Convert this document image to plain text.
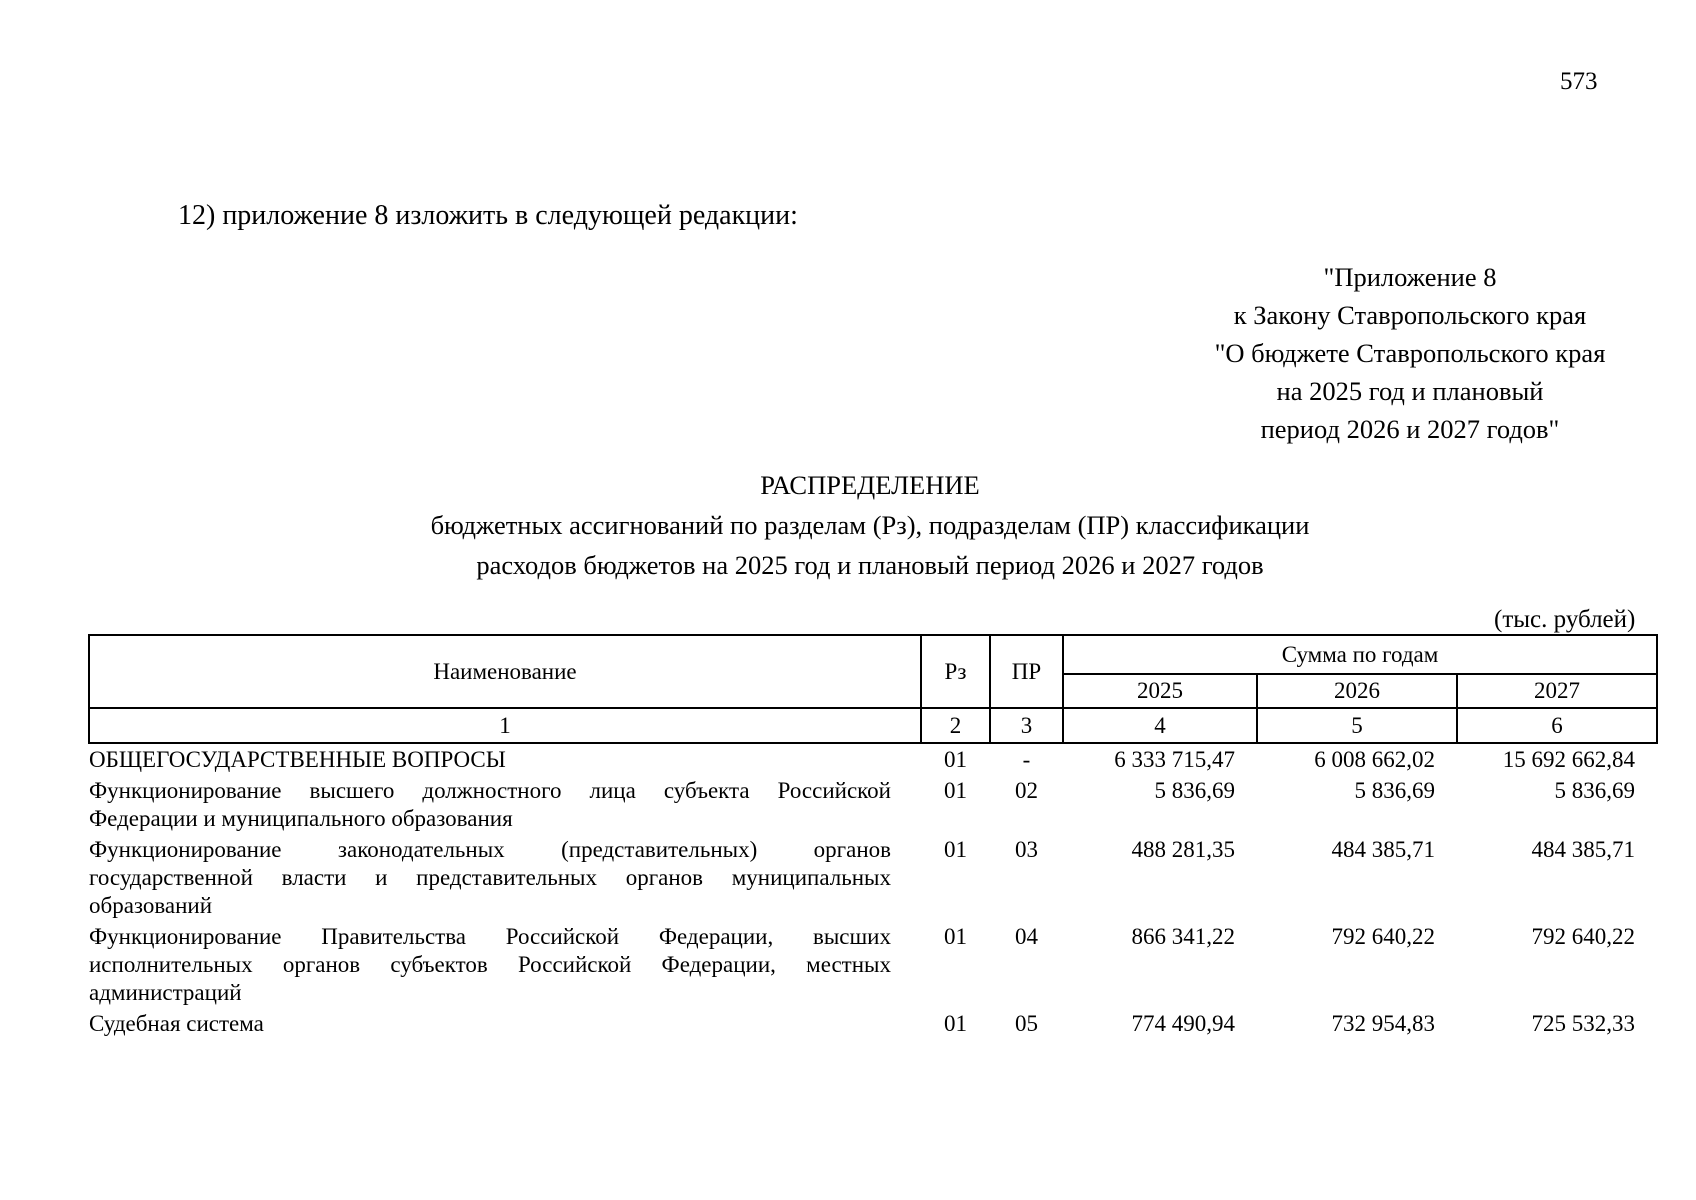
573
12) приложение 8 изложить в следующей редакции:
"Приложение 8
к Закону Ставропольского края
"О бюджете Ставропольского края
на 2025 год и плановый
период 2026 и 2027 годов"
РАСПРЕДЕЛЕНИЕ
бюджетных ассигнований по разделам (Рз), подразделам (ПР) классификации
расходов бюджетов на 2025 год и плановый период 2026 и 2027 годов
(тыс. рублей)
Наименование	Рз	ПР	Сумма по годам		
			2025	2026	2027
1	2	3	4	5	6
ОБЩЕГОСУДАРСТВЕННЫЕ ВОПРОСЫ	01	-	6 333 715,47	6 008 662,02	15 692 662,84
Функционирование высшего должностного лица субъекта Российской Федерации и муниципального образования	01	02	5 836,69	5 836,69	5 836,69
Функционирование законодательных (представительных) органов государственной власти и представительных органов муниципальных образований	01	03	488 281,35	484 385,71	484 385,71
Функционирование Правительства Российской Федерации, высших исполнительных органов субъектов Российской Федерации, местных администраций	01	04	866 341,22	792 640,22	792 640,22
Судебная система	01	05	774 490,94	732 954,83	725 532,33
